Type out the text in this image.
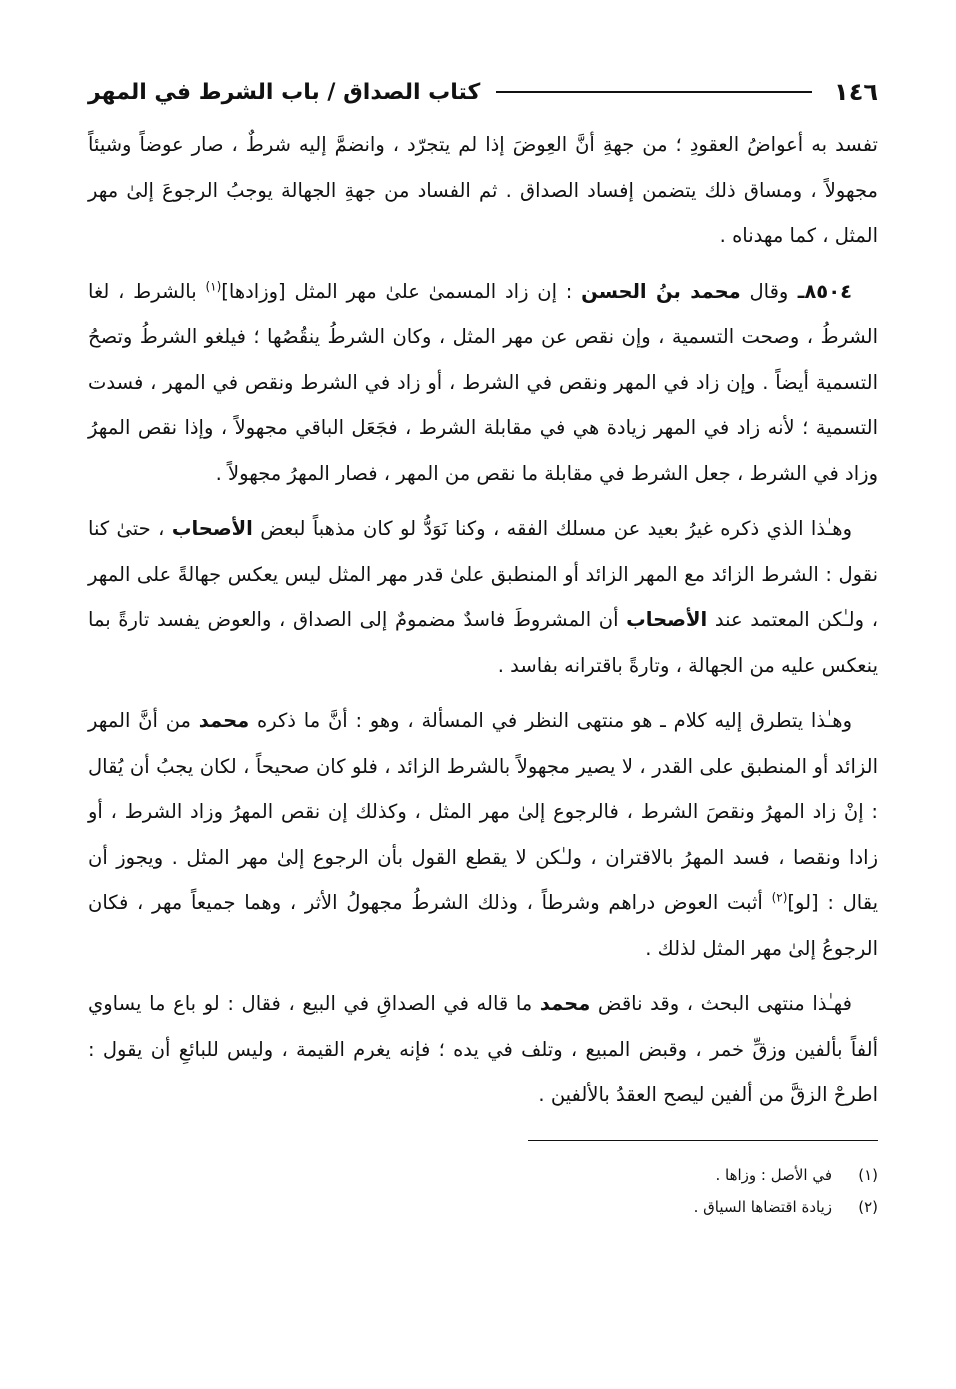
١٤٦
كتاب الصداق / باب الشرط في المهر

تفسد به أعواضُ العقودِ ؛ من جهةِ أنَّ العِوضَ إذا لم يتجرّد ، وانضمَّ إليه شرطٌ ، صار عوضاً وشيئاً مجهولاً ، ومساق ذلك يتضمن إفساد الصداق . ثم الفساد من جهةِ الجهالة يوجبُ الرجوعَ إلىٰ مهر المثل ، كما مهدناه .

٨٥٠٤ـ وقال محمد بنُ الحسن : إن زاد المسمىٰ علىٰ مهر المثل [وزادها]$^{(١)}$ بالشرط ، لغا الشرطُ ، وصحت التسمية ، وإن نقص عن مهر المثل ، وكان الشرطُ ينقُصُها ؛ فيلغو الشرطُ وتصحُ التسمية أيضاً . وإن زاد في المهر ونقص في الشرط ، أو زاد في الشرط ونقص في المهر ، فسدت التسمية ؛ لأنه زاد في المهر زيادة هي في مقابلة الشرط ، فجَعَل الباقي مجهولاً ، وإذا نقص المهرُ وزاد في الشرط ، جعل الشرط في مقابلة ما نقص من المهر ، فصار المهرُ مجهولاً .

وهـٰذا الذي ذكره غيرُ بعيد عن مسلك الفقه ، وكنا نَوَدُّ لو كان مذهباً لبعض الأصحاب ، حتىٰ كنا نقول : الشرط الزائد مع المهر الزائد أو المنطبق علىٰ قدر مهر المثل ليس يعكس جهالةً على المهر ، ولـٰكن المعتمد عند الأصحاب أن المشروطَ فاسدٌ مضمومٌ إلى الصداق ، والعوض يفسد تارةً بما ينعكس عليه من الجهالة ، وتارةً باقترانه بفاسد .

وهـٰذا يتطرق إليه كلام ـ هو منتهى النظر في المسألة ، وهو : أنَّ ما ذكره محمد من أنَّ المهر الزائد أو المنطبق على القدر ، لا يصير مجهولاً بالشرط الزائد ، فلو كان صحيحاً ، لكان يجبُ أن يُقال : إنْ زاد المهرُ ونقصَ الشرط ، فالرجوع إلىٰ مهر المثل ، وكذلك إن نقص المهرُ وزاد الشرط ، أو زادا ونقصا ، فسد المهرُ بالاقتران ، ولـٰكن لا يقطع القول بأن الرجوع إلىٰ مهر المثل . ويجوز أن يقال : [لو]$^{(٢)}$ أثبت العوض دراهم وشرطاً ، وذلك الشرطُ مجهولُ الأثر ، وهما جميعاً مهر ، فكان الرجوعُ إلىٰ مهر المثل لذلك .

فهـٰذا منتهى البحث ، وقد ناقض محمد ما قاله في الصداقِ في البيع ، فقال : لو باع ما يساوي ألفاً بألفين وزقِّ خمر ، وقبض المبيع ، وتلف في يده ؛ فإنه يغرم القيمة ، وليس للبائعِ أن يقول : اطرحْ الزقَّ من ألفين ليصح العقدُ بالألفين .

(١)
في الأصل : وزاها .
(٢)
زيادة اقتضاها السياق .
